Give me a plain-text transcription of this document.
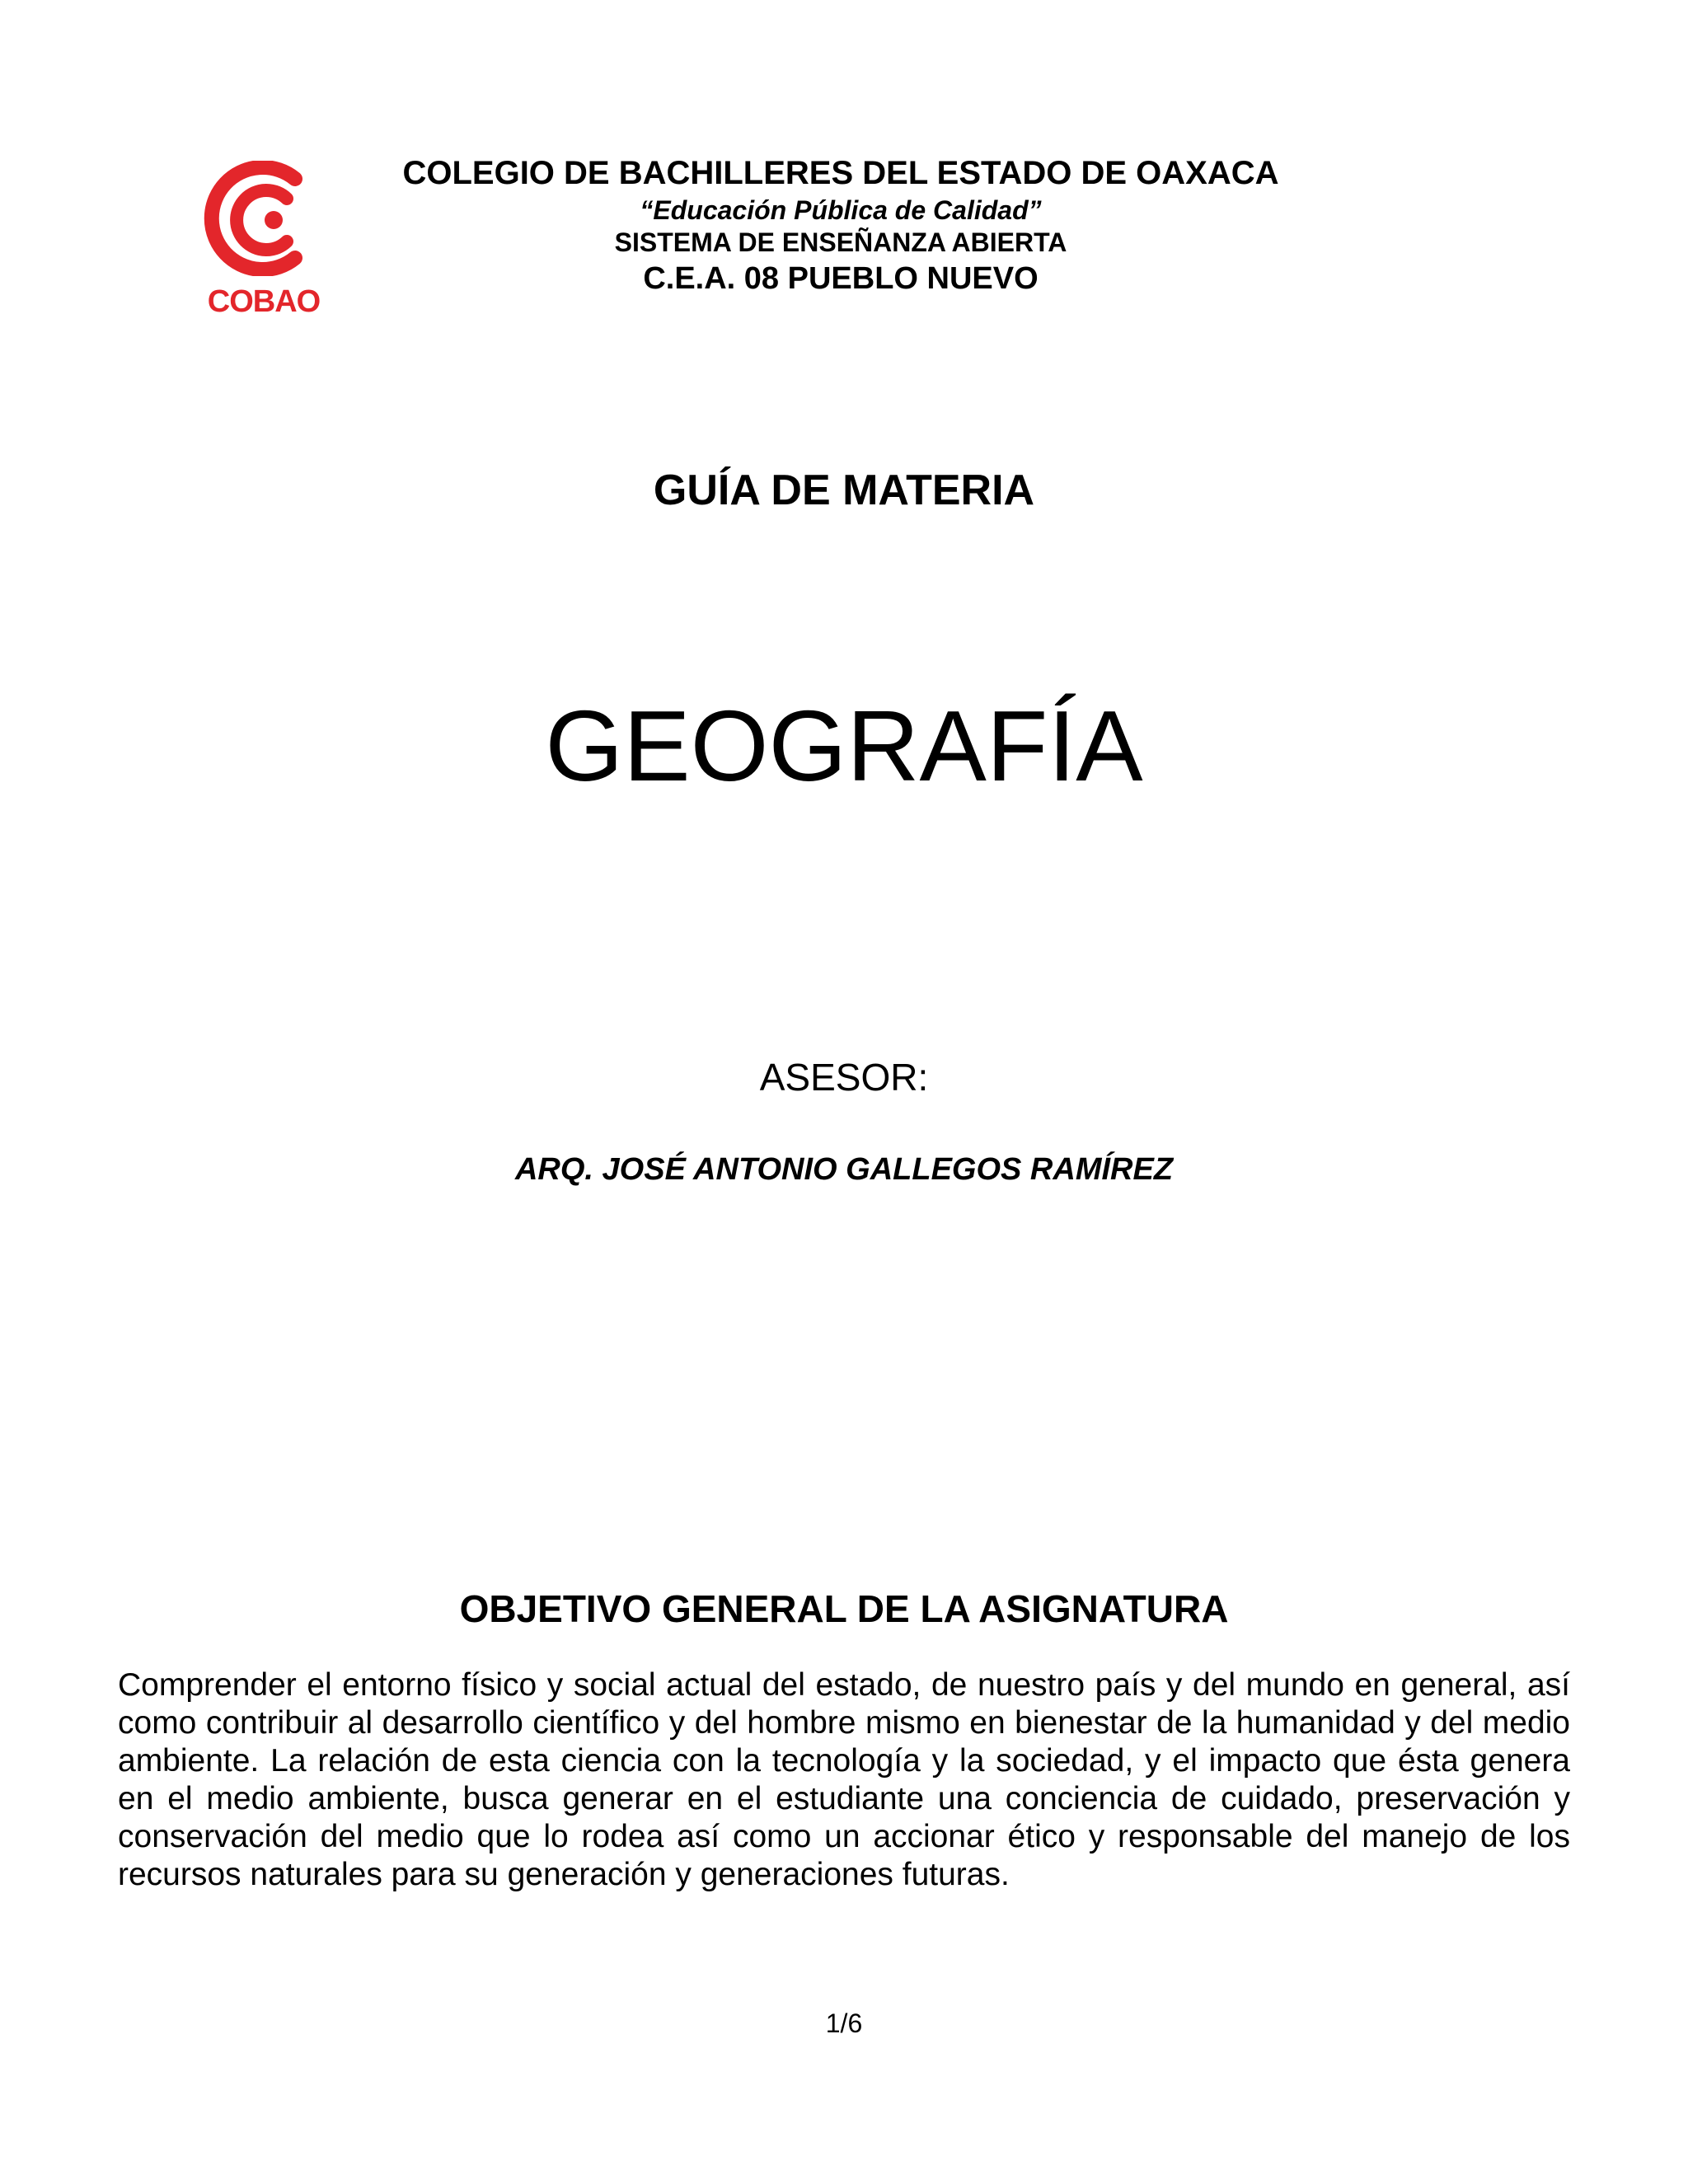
COBAO
COLEGIO DE BACHILLERES DEL ESTADO DE OAXACA
“Educación Pública de Calidad”
SISTEMA DE ENSEÑANZA ABIERTA
C.E.A. 08 PUEBLO NUEVO
GUÍA DE MATERIA
GEOGRAFÍA
ASESOR:
ARQ. JOSÉ ANTONIO GALLEGOS RAMÍREZ
OBJETIVO GENERAL DE LA ASIGNATURA
Comprender el entorno físico y social actual del estado, de nuestro país y del mundo en general, así como contribuir al desarrollo científico y del hombre mismo en bienestar de la humanidad y del medio ambiente. La relación de esta ciencia con la tecnología y la sociedad, y el impacto que ésta genera en el medio ambiente, busca generar en el estudiante una conciencia de cuidado, preservación y conservación del medio que lo rodea así como un accionar ético y responsable del manejo de los recursos naturales para su generación y generaciones futuras.
1/6
